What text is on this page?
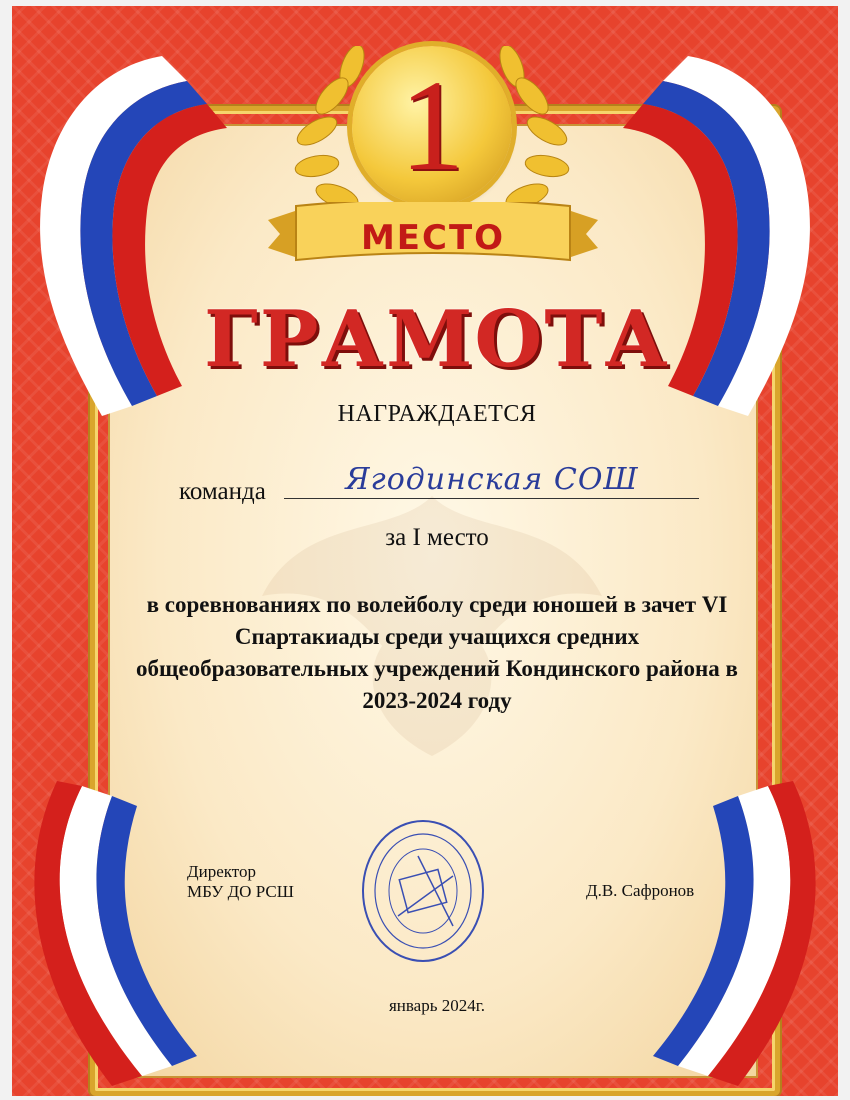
1
МЕСТО
ГРАМОТА
НАГРАЖДАЕТСЯ
команда	Ягодинская СОШ
за I место
в соревнованиях по волейболу среди юношей в зачет VI Спартакиады среди учащихся средних общеобразовательных учреждений Кондинского района в 2023-2024 году
Директор
МБУ ДО РСШ	Д.В. Сафронов
январь 2024г.
